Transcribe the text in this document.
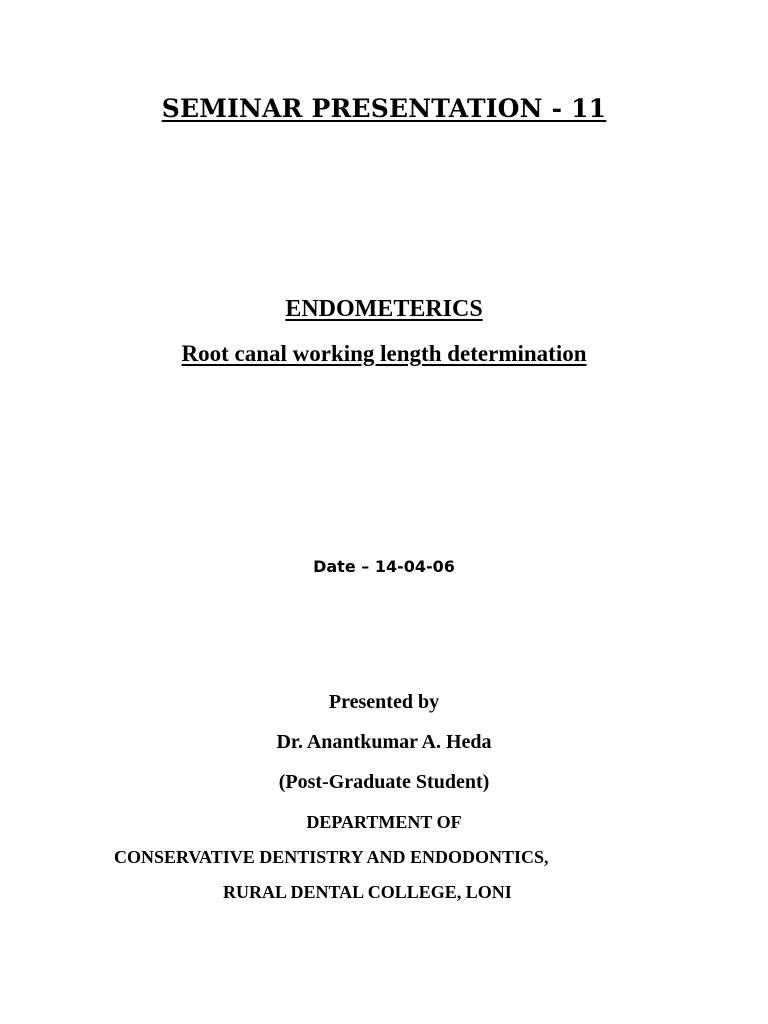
SEMINAR PRESENTATION - 11
ENDOMETERICS
Root canal working length determination
Date – 14-04-06
Presented by
Dr. Anantkumar A. Heda
(Post-Graduate Student)
DEPARTMENT OF
CONSERVATIVE DENTISTRY AND ENDODONTICS,
RURAL DENTAL COLLEGE, LONI
